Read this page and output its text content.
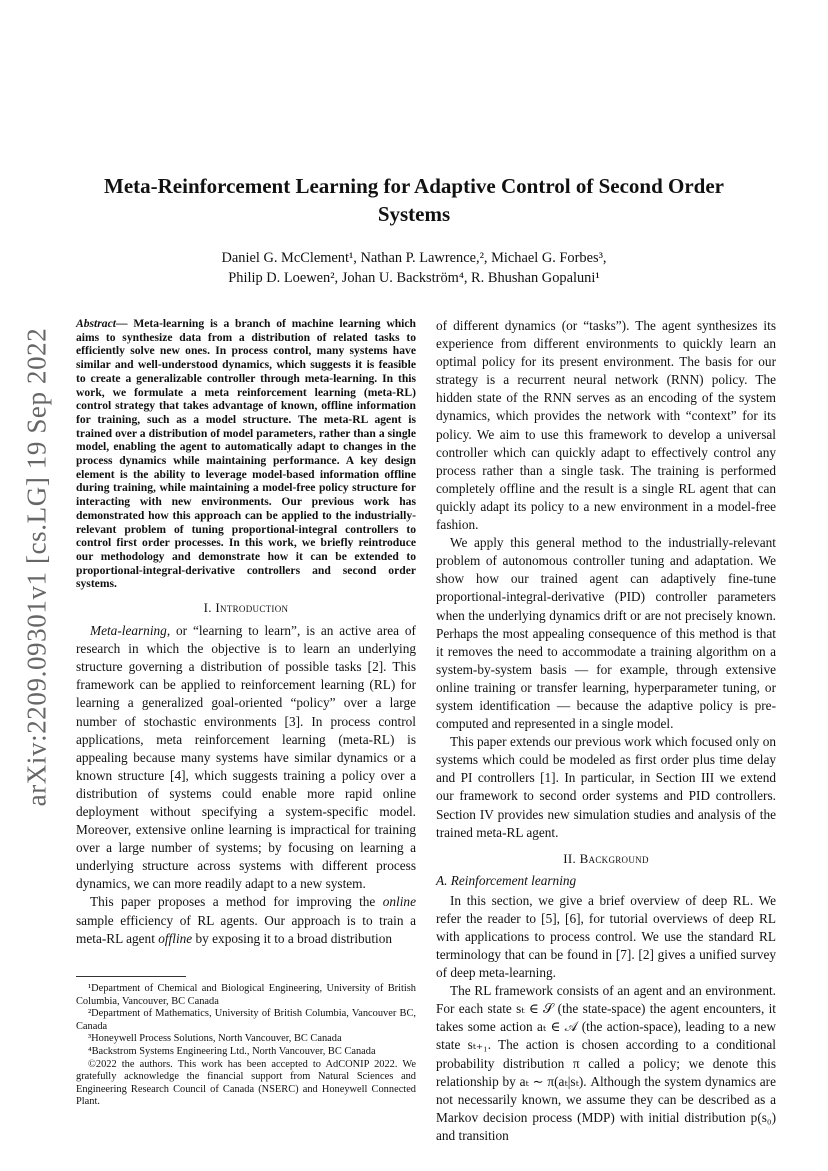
arXiv:2209.09301v1 [cs.LG] 19 Sep 2022
Meta-Reinforcement Learning for Adaptive Control of Second Order Systems

Daniel G. McClement¹, Nathan P. Lawrence,², Michael G. Forbes³,

Philip D. Loewen², Johan U. Backström⁴, R. Bhushan Gopaluni¹

Abstract— Meta-learning is a branch of machine learning which aims to synthesize data from a distribution of related tasks to efficiently solve new ones. In process control, many systems have similar and well-understood dynamics, which suggests it is feasible to create a generalizable controller through meta-learning. In this work, we formulate a meta reinforcement learning (meta-RL) control strategy that takes advantage of known, offline information for training, such as a model structure. The meta-RL agent is trained over a distribution of model parameters, rather than a single model, enabling the agent to automatically adapt to changes in the process dynamics while maintaining performance. A key design element is the ability to leverage model-based information offline during training, while maintaining a model-free policy structure for interacting with new environments. Our previous work has demonstrated how this approach can be applied to the industrially-relevant problem of tuning proportional-integral controllers to control first order processes. In this work, we briefly reintroduce our methodology and demonstrate how it can be extended to proportional-integral-derivative controllers and second order systems.

I. Introduction

Meta-learning, or “learning to learn”, is an active area of research in which the objective is to learn an underlying structure governing a distribution of possible tasks [2]. This framework can be applied to reinforcement learning (RL) for learning a generalized goal-oriented “policy” over a large number of stochastic environments [3]. In process control applications, meta reinforcement learning (meta-RL) is appealing because many systems have similar dynamics or a known structure [4], which suggests training a policy over a distribution of systems could enable more rapid online deployment without specifying a system-specific model. Moreover, extensive online learning is impractical for training over a large number of systems; by focusing on learning a underlying structure across systems with different process dynamics, we can more readily adapt to a new system.

This paper proposes a method for improving the online sample efficiency of RL agents. Our approach is to train a meta-RL agent offline by exposing it to a broad distribution

¹Department of Chemical and Biological Engineering, University of British Columbia, Vancouver, BC Canada

²Department of Mathematics, University of British Columbia, Vancouver BC, Canada

³Honeywell Process Solutions, North Vancouver, BC Canada

⁴Backstrom Systems Engineering Ltd., North Vancouver, BC Canada

©2022 the authors. This work has been accepted to AdCONIP 2022. We gratefully acknowledge the financial support from Natural Sciences and Engineering Research Council of Canada (NSERC) and Honeywell Connected Plant.

of different dynamics (or “tasks”). The agent synthesizes its experience from different environments to quickly learn an optimal policy for its present environment. The basis for our strategy is a recurrent neural network (RNN) policy. The hidden state of the RNN serves as an encoding of the system dynamics, which provides the network with “context” for its policy. We aim to use this framework to develop a universal controller which can quickly adapt to effectively control any process rather than a single task. The training is performed completely offline and the result is a single RL agent that can quickly adapt its policy to a new environment in a model-free fashion.

We apply this general method to the industrially-relevant problem of autonomous controller tuning and adaptation. We show how our trained agent can adaptively fine-tune proportional-integral-derivative (PID) controller parameters when the underlying dynamics drift or are not precisely known. Perhaps the most appealing consequence of this method is that it removes the need to accommodate a training algorithm on a system-by-system basis — for example, through extensive online training or transfer learning, hyperparameter tuning, or system identification — because the adaptive policy is pre-computed and represented in a single model.

This paper extends our previous work which focused only on systems which could be modeled as first order plus time delay and PI controllers [1]. In particular, in Section III we extend our framework to second order systems and PID controllers. Section IV provides new simulation studies and analysis of the trained meta-RL agent.

II. Background

A. Reinforcement learning

In this section, we give a brief overview of deep RL. We refer the reader to [5], [6], for tutorial overviews of deep RL with applications to process control. We use the standard RL terminology that can be found in [7]. [2] gives a unified survey of deep meta-learning.

The RL framework consists of an agent and an environment. For each state sₜ ∈ 𝒮 (the state-space) the agent encounters, it takes some action aₜ ∈ 𝒜 (the action-space), leading to a new state sₜ₊₁. The action is chosen according to a conditional probability distribution π called a policy; we denote this relationship by aₜ ∼ π(aₜ|sₜ). Although the system dynamics are not necessarily known, we assume they can be described as a Markov decision process (MDP) with initial distribution p(s₀) and transition
